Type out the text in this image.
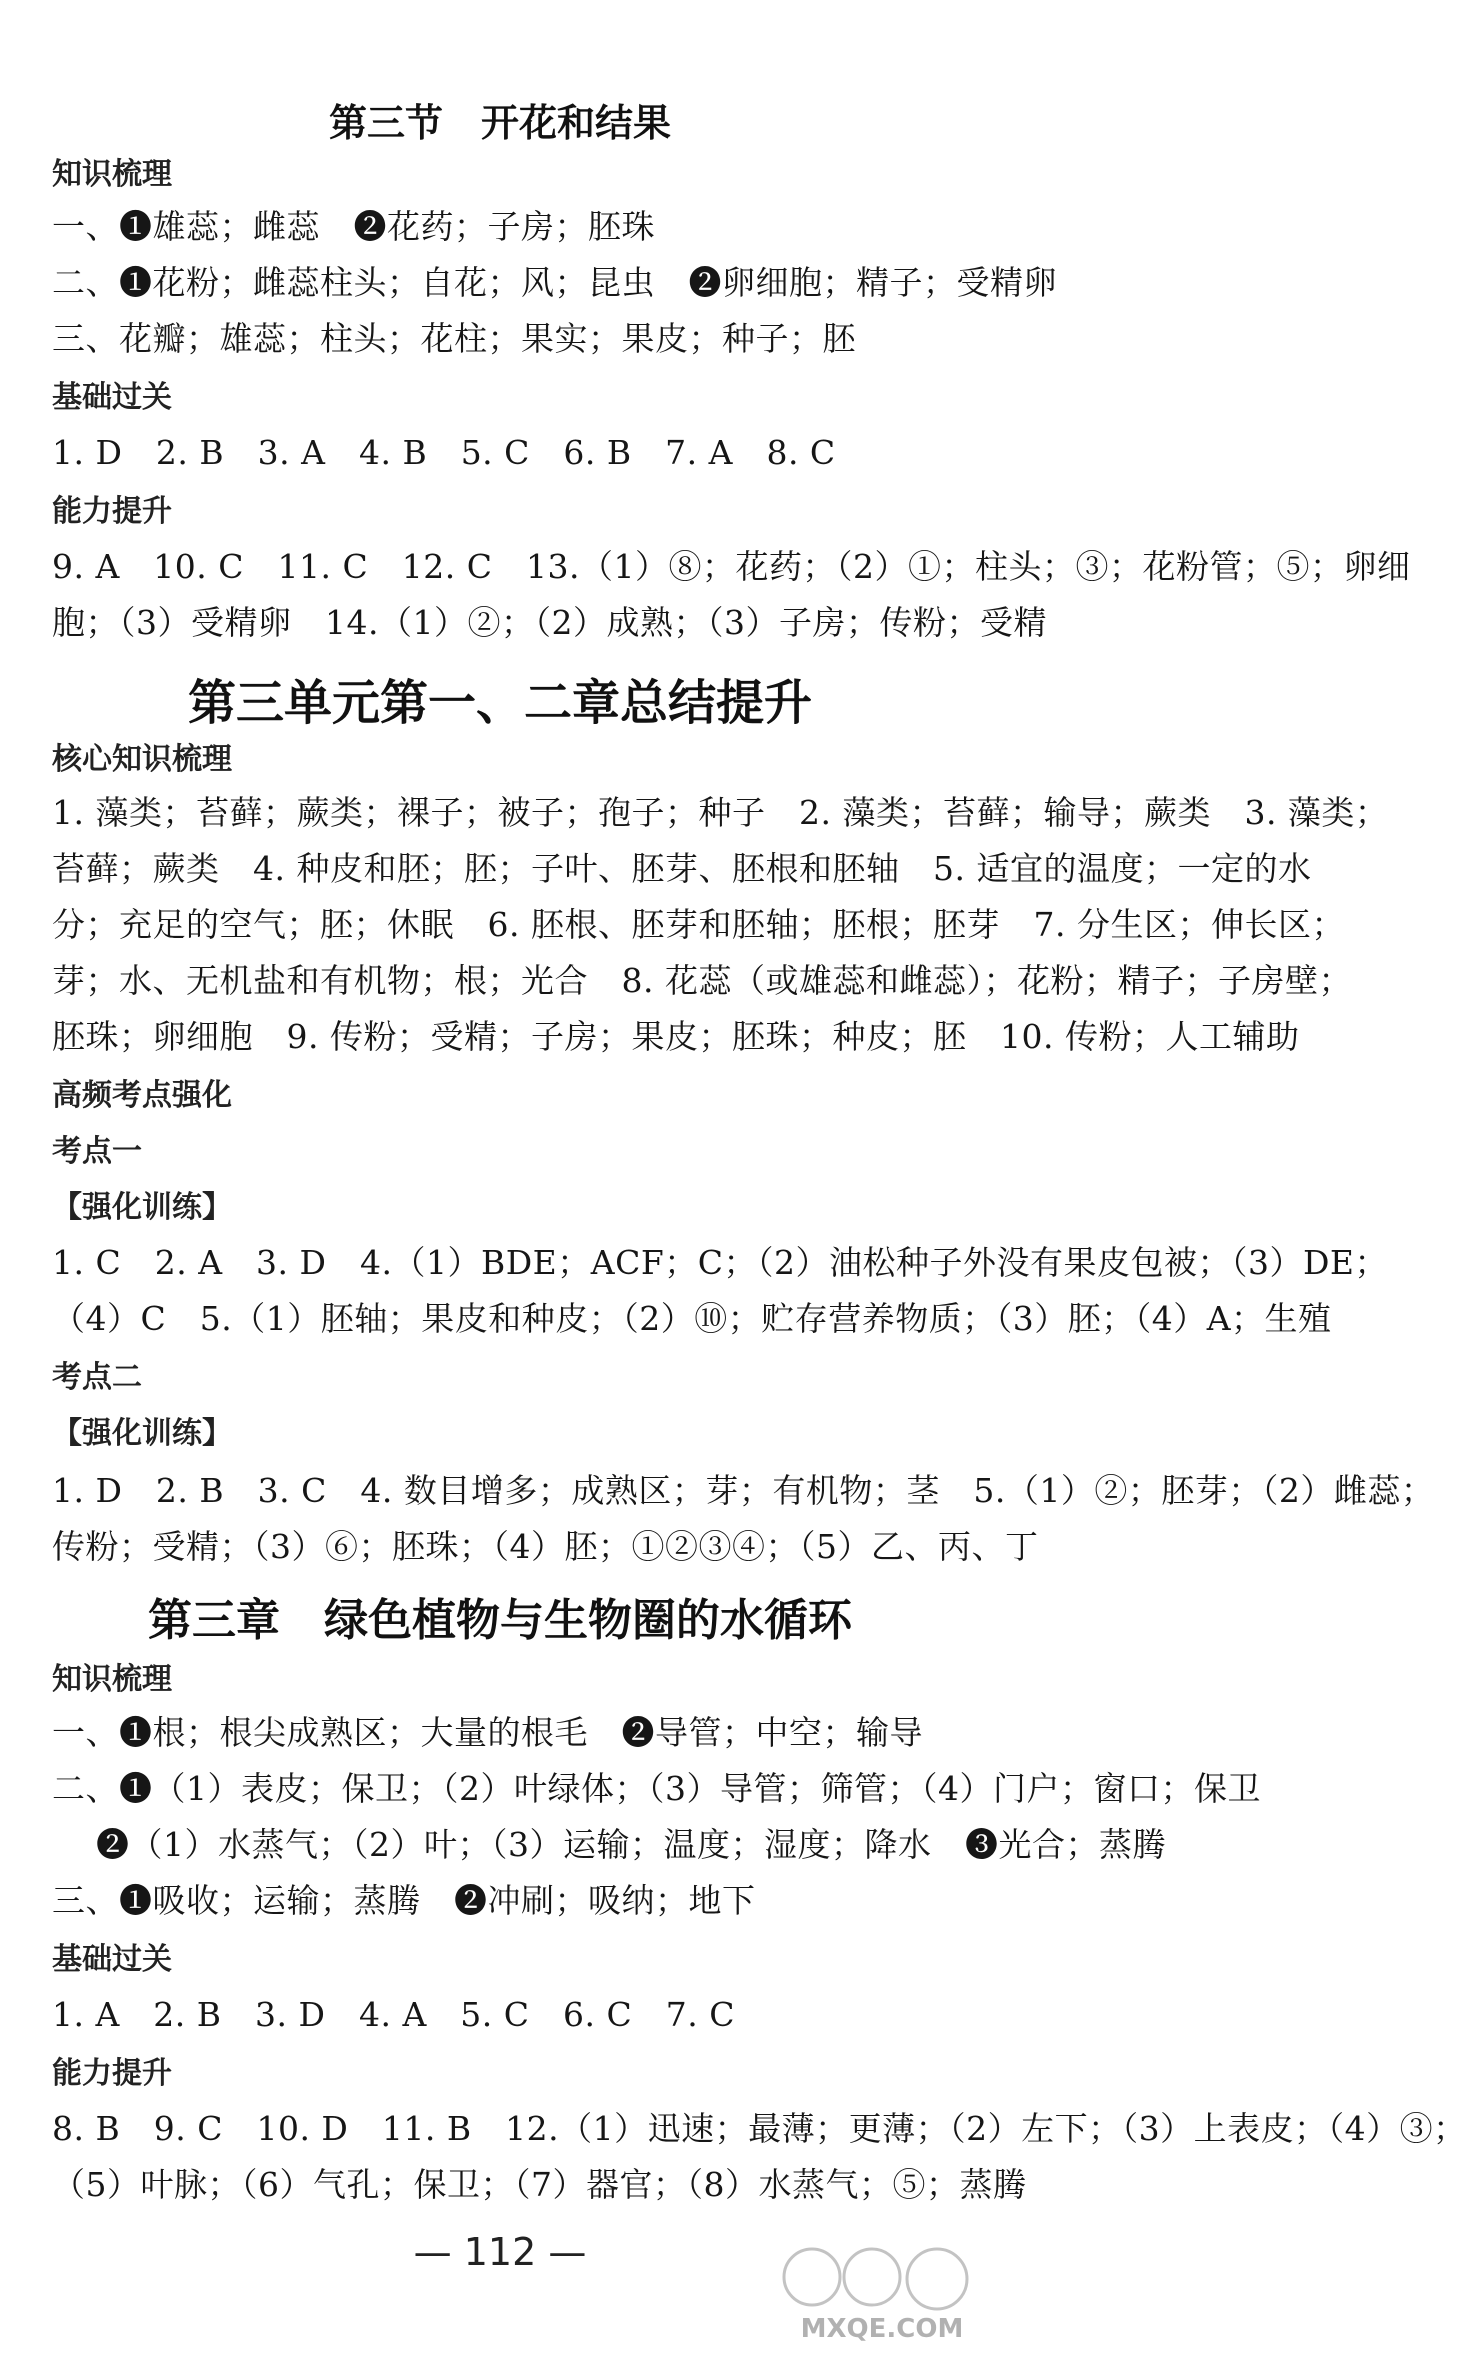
第三节　开花和结果
知识梳理
一、❶雄蕊；雌蕊　❷花药；子房；胚珠
二、❶花粉；雌蕊柱头；自花；风；昆虫　❷卵细胞；精子；受精卵
三、花瓣；雄蕊；柱头；花柱；果实；果皮；种子；胚
基础过关
1. D　2. B　3. A　4. B　5. C　6. B　7. A　8. C
能力提升
9. A　10. C　11. C　12. C　13.（1）⑧；花药；（2）①；柱头；③；花粉管；⑤；卵细
胞；（3）受精卵　14.（1）②；（2）成熟；（3）子房；传粉；受精
第三单元第一、二章总结提升
核心知识梳理
1. 藻类；苔藓；蕨类；裸子；被子；孢子；种子　2. 藻类；苔藓；输导；蕨类　3. 藻类；
苔藓；蕨类　4. 种皮和胚；胚；子叶、胚芽、胚根和胚轴　5. 适宜的温度；一定的水
分；充足的空气；胚；休眠　6. 胚根、胚芽和胚轴；胚根；胚芽　7. 分生区；伸长区；
芽；水、无机盐和有机物；根；光合　8. 花蕊（或雄蕊和雌蕊）；花粉；精子；子房壁；
胚珠；卵细胞　9. 传粉；受精；子房；果皮；胚珠；种皮；胚　10. 传粉；人工辅助
高频考点强化
考点一
【强化训练】
1. C　2. A　3. D　4.（1）BDE；ACF；C；（2）油松种子外没有果皮包被；（3）DE；
（4）C　5.（1）胚轴；果皮和种皮；（2）⑩；贮存营养物质；（3）胚；（4）A；生殖
考点二
【强化训练】
1. D　2. B　3. C　4. 数目增多；成熟区；芽；有机物；茎　5.（1）②；胚芽；（2）雌蕊；
传粉；受精；（3）⑥；胚珠；（4）胚；①②③④；（5）乙、丙、丁
第三章　绿色植物与生物圈的水循环
知识梳理
一、❶根；根尖成熟区；大量的根毛　❷导管；中空；输导
二、❶（1）表皮；保卫；（2）叶绿体；（3）导管；筛管；（4）门户；窗口；保卫
❷（1）水蒸气；（2）叶；（3）运输；温度；湿度；降水　❸光合；蒸腾
三、❶吸收；运输；蒸腾　❷冲刷；吸纳；地下
基础过关
1. A　2. B　3. D　4. A　5. C　6. C　7. C
能力提升
8. B　9. C　10. D　11. B　12.（1）迅速；最薄；更薄；（2）左下；（3）上表皮；（4）③；
（5）叶脉；（6）气孔；保卫；（7）器官；（8）水蒸气；⑤；蒸腾
— 112 —
MXQE.COM
